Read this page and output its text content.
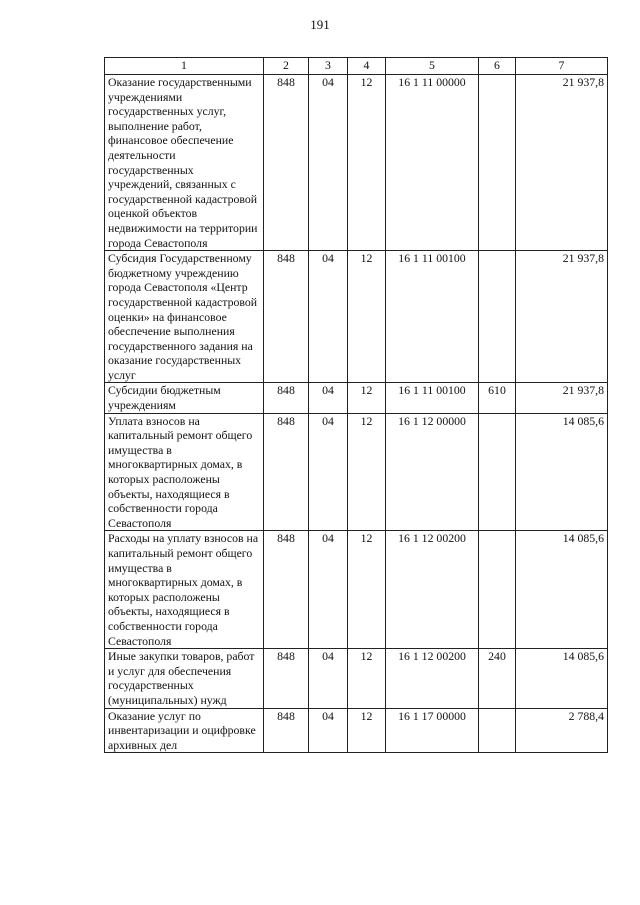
191
1	2	3	4	5	6	7
Оказание государственными учреждениями государственных услуг, выполнение работ, финансовое обеспечение деятельности государственных учреждений, связанных с государственной кадастровой оценкой объектов недвижимости на территории города Севастополя	848	04	12	16 1 11 00000		21 937,8
Субсидия Государственному бюджетному учреждению города Севастополя «Центр государственной кадастровой оценки» на финансовое обеспечение выполнения государственного задания на оказание государственных услуг	848	04	12	16 1 11 00100		21 937,8
Субсидии бюджетным учреждениям	848	04	12	16 1 11 00100	610	21 937,8
Уплата взносов на капитальный ремонт общего имущества в многоквартирных домах, в которых расположены объекты, находящиеся в собственности города Севастополя	848	04	12	16 1 12 00000		14 085,6
Расходы на уплату взносов на капитальный ремонт общего имущества в многоквартирных домах, в которых расположены объекты, находящиеся в собственности города Севастополя	848	04	12	16 1 12 00200		14 085,6
Иные закупки товаров, работ и услуг для обеспечения государственных (муниципальных) нужд	848	04	12	16 1 12 00200	240	14 085,6
Оказание услуг по инвентаризации и оцифровке архивных дел	848	04	12	16 1 17 00000		2 788,4
